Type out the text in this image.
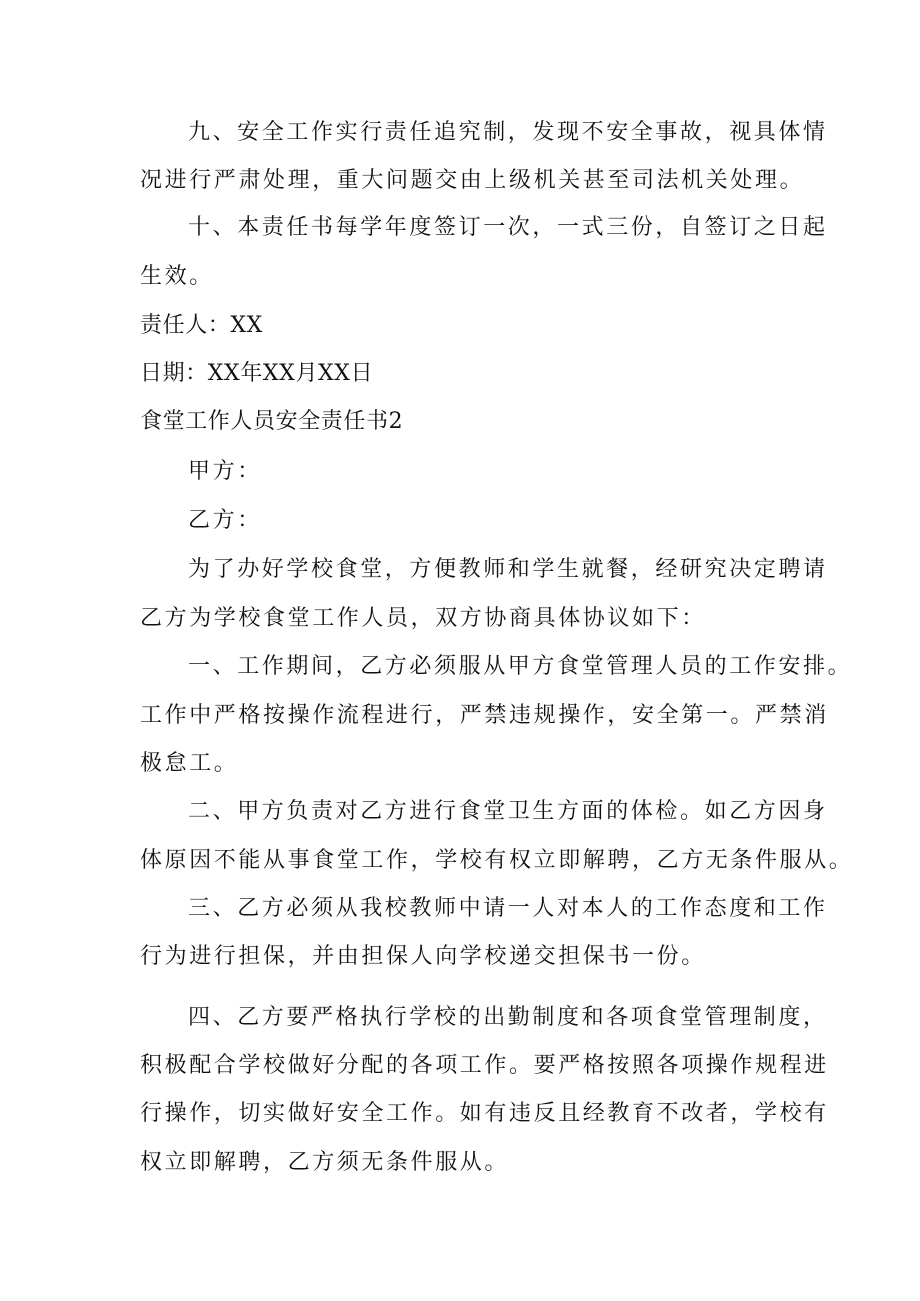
九、安全工作实行责任追究制，发现不安全事故，视具体情
况进行严肃处理，重大问题交由上级机关甚至司法机关处理。
十、本责任书每学年度签订一次，一式三份，自签订之日起
生效。
责任人：XX
日期：XX年XX月XX日
食堂工作人员安全责任书2
甲方：
乙方：
为了办好学校食堂，方便教师和学生就餐，经研究决定聘请
乙方为学校食堂工作人员，双方协商具体协议如下：
一、工作期间，乙方必须服从甲方食堂管理人员的工作安排。
工作中严格按操作流程进行，严禁违规操作，安全第一。严禁消
极怠工。
二、甲方负责对乙方进行食堂卫生方面的体检。如乙方因身
体原因不能从事食堂工作，学校有权立即解聘，乙方无条件服从。
三、乙方必须从我校教师中请一人对本人的工作态度和工作
行为进行担保，并由担保人向学校递交担保书一份。
四、乙方要严格执行学校的出勤制度和各项食堂管理制度，
积极配合学校做好分配的各项工作。要严格按照各项操作规程进
行操作，切实做好安全工作。如有违反且经教育不改者，学校有
权立即解聘，乙方须无条件服从。
